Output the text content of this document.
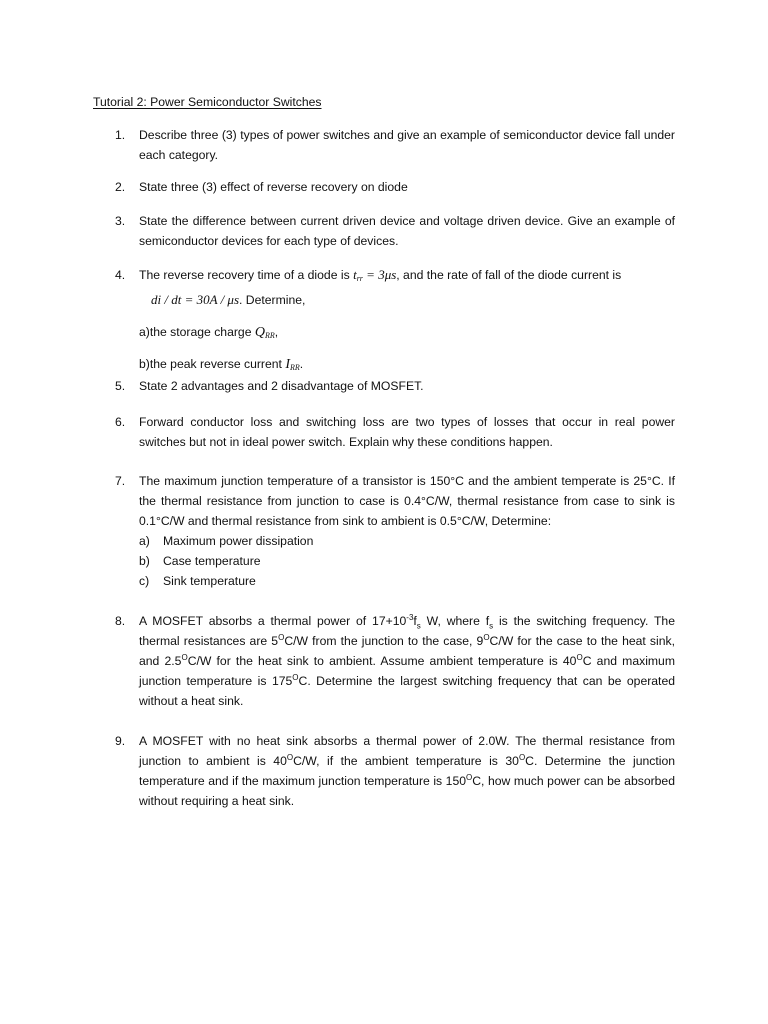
Tutorial 2: Power Semiconductor Switches
1.	Describe three (3) types of power switches and give an example of semiconductor device fall under each category.

2.	State three (3) effect of reverse recovery on diode

3.	State the difference between current driven device and voltage driven device. Give an example of semiconductor devices for each type of devices.

4.	The reverse recovery time of a diode is trr = 3μs, and the rate of fall of the diode current is

di / dt = 30A / μs. Determine,

a)the storage charge QRR,

b)the peak reverse current IRR.

5.	State 2 advantages and 2 disadvantage of MOSFET.

6.	Forward conductor loss and switching loss are two types of losses that occur in real power switches but not in ideal power switch. Explain why these conditions happen.

7.	The maximum junction temperature of a transistor is 150°C and the ambient temperate is 25°C. If the thermal resistance from junction to case is 0.4°C/W, thermal resistance from case to sink is 0.1°C/W and thermal resistance from sink to ambient is 0.5°C/W, Determine:

a) Maximum power dissipation
b) Case temperature
c) Sink temperature
8.	A MOSFET absorbs a thermal power of $17+10^{-3}f_s$ W, where $f_s$ is the switching frequency. The thermal resistances are $5^OC/W$ from the junction to the case, $9^OC/W$ for the case to the heat sink, and $2.5^OC/W$ for the heat sink to ambient. Assume ambient temperature is $40^OC$ and maximum junction temperature is $175^OC$. Determine the largest switching frequency that can be operated without a heat sink.

9.	A MOSFET with no heat sink absorbs a thermal power of 2.0W. The thermal resistance from junction to ambient is $40^OC/W$, if the ambient temperature is $30^OC$. Determine the junction temperature and if the maximum junction temperature is $150^OC$, how much power can be absorbed without requiring a heat sink.
